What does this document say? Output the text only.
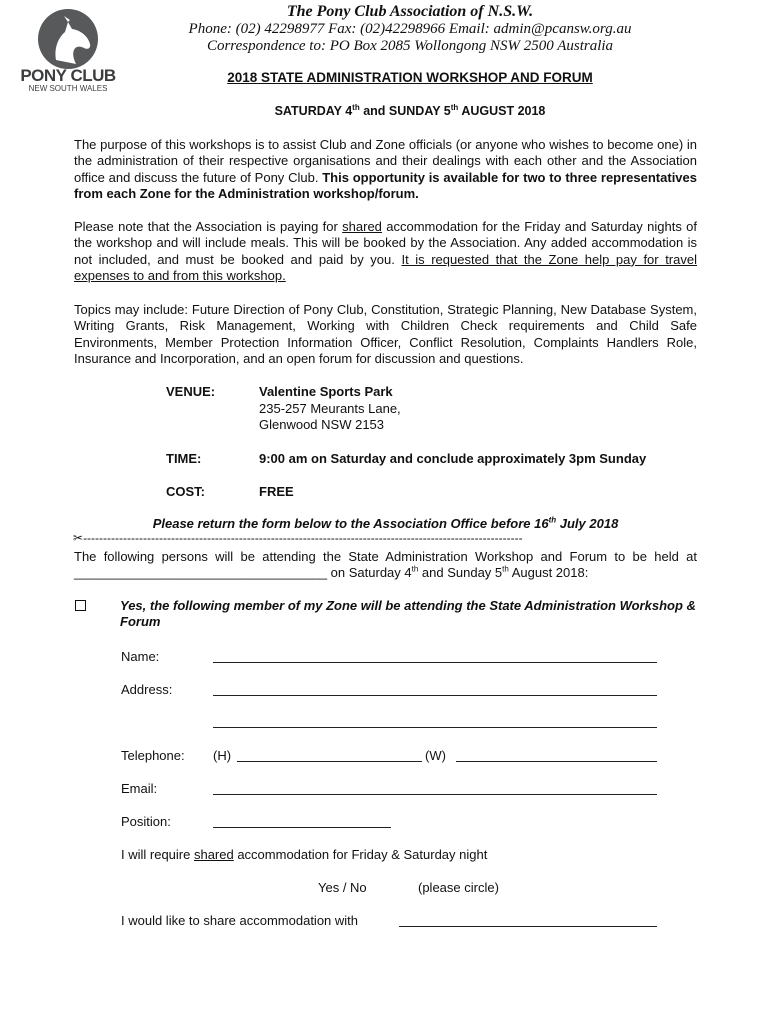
PONY CLUB
NEW SOUTH WALES
The Pony Club Association of N.S.W.
Phone: (02) 42298977 Fax: (02)42298966 Email: admin@pcansw.org.au
Correspondence to: PO Box 2085 Wollongong NSW 2500 Australia
2018 STATE ADMINISTRATION WORKSHOP AND FORUM
SATURDAY 4th and SUNDAY 5th AUGUST 2018

The purpose of this workshops is to assist Club and Zone officials (or anyone who wishes to become one) in the administration of their respective organisations and their dealings with each other and the Association office and discuss the future of Pony Club. This opportunity is available for two to three representatives from each Zone for the Administration workshop/forum.

Please note that the Association is paying for shared accommodation for the Friday and Saturday nights of the workshop and will include meals. This will be booked by the Association. Any added accommodation is not included, and must be booked and paid by you. It is requested that the Zone help pay for travel expenses to and from this workshop.

Topics may include: Future Direction of Pony Club, Constitution, Strategic Planning, New Database System, Writing Grants, Risk Management, Working with Children Check requirements and Child Safe Environments, Member Protection Information Officer, Conflict Resolution, Complaints Handlers Role, Insurance and Incorporation, and an open forum for discussion and questions.

VENUE:	Valentine Sports Park
235-257 Meurants Lane,
Glenwood NSW 2153
TIME:	9:00 am on Saturday and conclude approximately 3pm Sunday
COST:	FREE
Please return the form below to the Association Office before 16th July 2018
✂--------------------------------------------------------------------------------------------------------------
The following persons will be attending the State Administration Workshop and Forum to be held at
___________________________________ on Saturday 4th and Sunday 5th August 2018:
Yes, the following member of my Zone will be attending the State Administration Workshop & Forum
Name:
Address:
Telephone: (H)	(W)
Email:
Position:
I will require shared accommodation for Friday & Saturday night
Yes / No	(please circle)
I would like to share accommodation with
